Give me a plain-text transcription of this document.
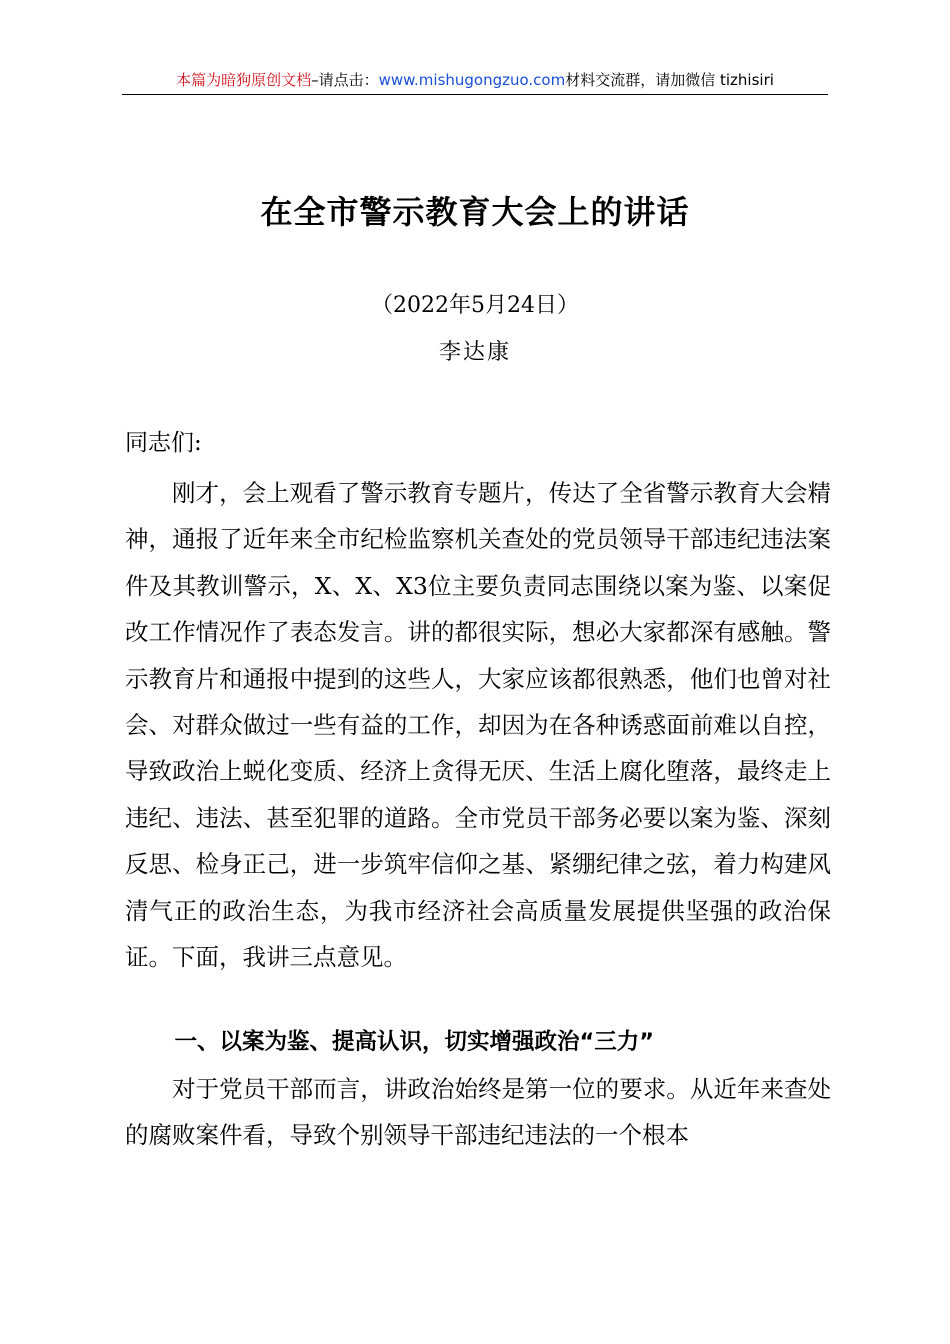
本篇为暗狗原创文档–请点击：www.mishugongzuo.com材料交流群，请加微信 tizhisiri
在全市警示教育大会上的讲话
（2022年5月24日）
李达康
同志们:
刚才，会上观看了警示教育专题片，传达了全省警示教育大会精神，通报了近年来全市纪检监察机关查处的党员领导干部违纪违法案件及其教训警示，X、X、X3位主要负责同志围绕以案为鉴、以案促改工作情况作了表态发言。讲的都很实际，想必大家都深有感触。警示教育片和通报中提到的这些人，大家应该都很熟悉，他们也曾对社会、对群众做过一些有益的工作，却因为在各种诱惑面前难以自控，导致政治上蜕化变质、经济上贪得无厌、生活上腐化堕落，最终走上违纪、违法、甚至犯罪的道路。全市党员干部务必要以案为鉴、深刻反思、检身正己，进一步筑牢信仰之基、紧绷纪律之弦，着力构建风清气正的政治生态，为我市经济社会高质量发展提供坚强的政治保证。下面，我讲三点意见。
一、以案为鉴、提高认识，切实增强政治“三力”
对于党员干部而言，讲政治始终是第一位的要求。从近年来查处的腐败案件看，导致个别领导干部违纪违法的一个根本
